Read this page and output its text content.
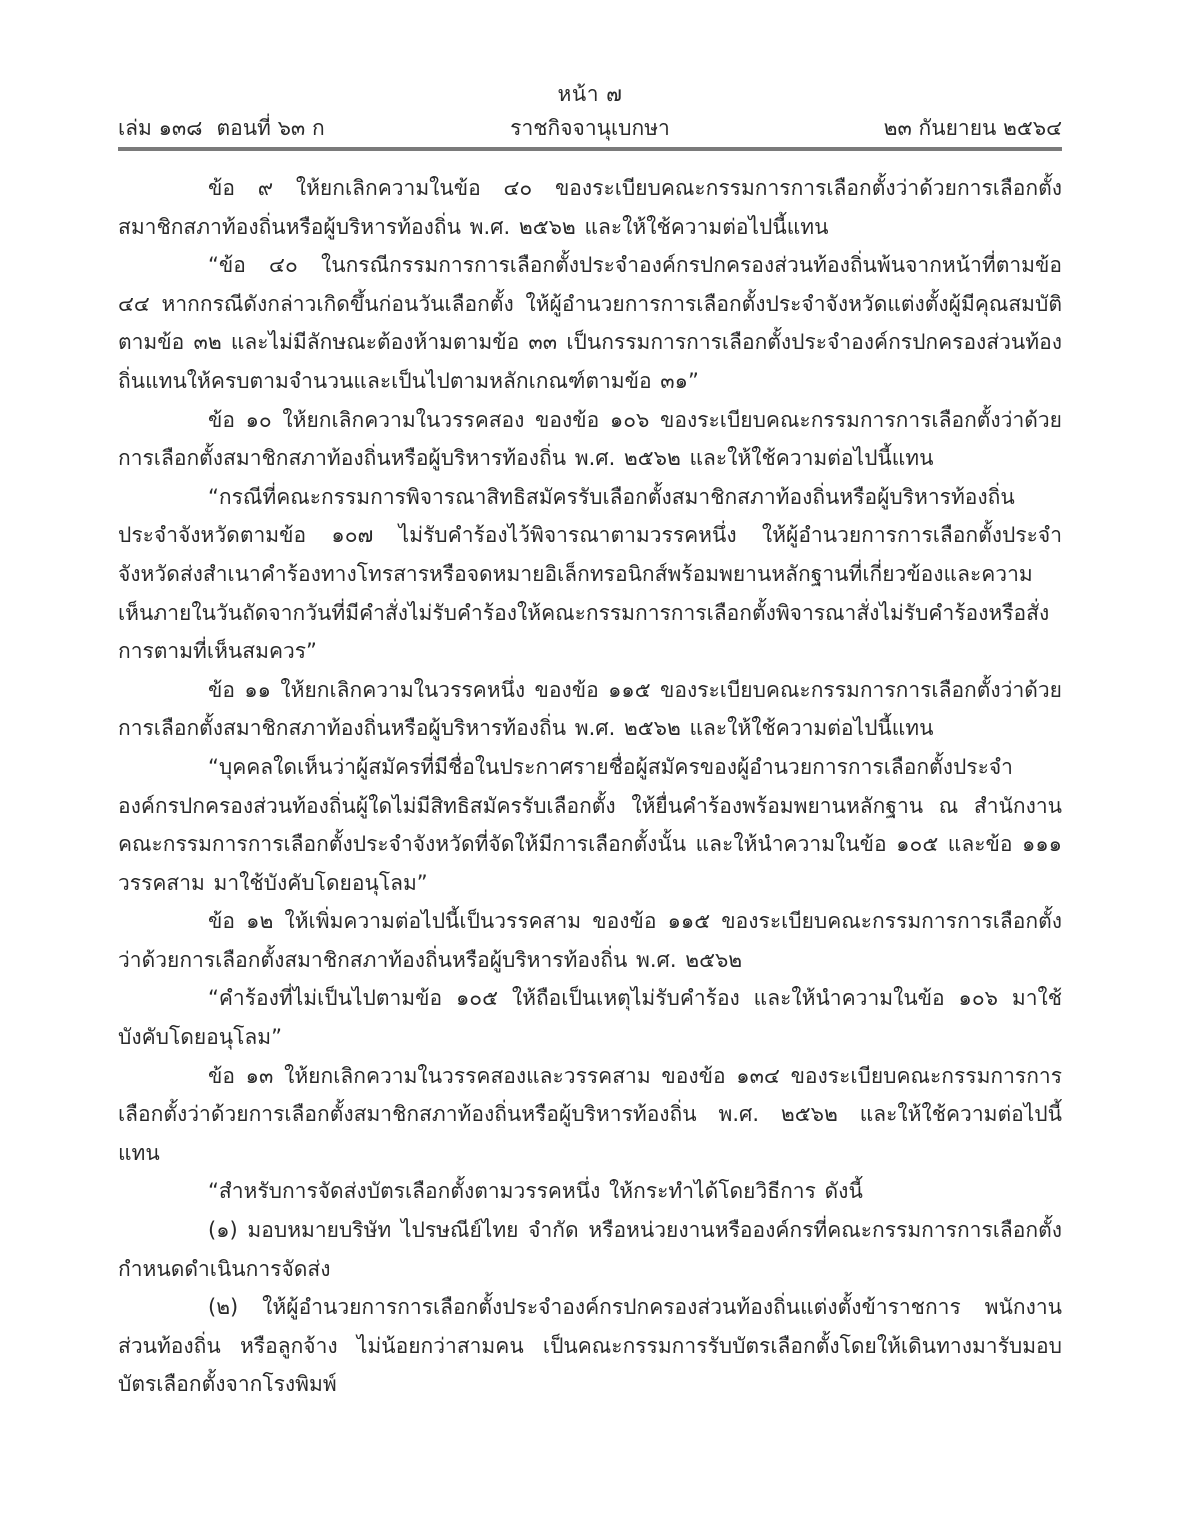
หน้า ๗
เล่ม ๑๓๘ ตอนที่ ๖๓ ก	ราชกิจจานุเบกษา	๒๓ กันยายน ๒๕๖๔

ข้อ ๙ ให้ยกเลิกความในข้อ ๔๐ ของระเบียบคณะกรรมการการเลือกตั้งว่าด้วยการเลือกตั้งสมาชิกสภาท้องถิ่นหรือผู้บริหารท้องถิ่น พ.ศ. ๒๕๖๒ และให้ใช้ความต่อไปนี้แทน

“ข้อ ๔๐ ในกรณีกรรมการการเลือกตั้งประจำองค์กรปกครองส่วนท้องถิ่นพ้นจากหน้าที่ตามข้อ ๔๔ หากกรณีดังกล่าวเกิดขึ้นก่อนวันเลือกตั้ง ให้ผู้อำนวยการการเลือกตั้งประจำจังหวัดแต่งตั้งผู้มีคุณสมบัติตามข้อ ๓๒ และไม่มีลักษณะต้องห้ามตามข้อ ๓๓ เป็นกรรมการการเลือกตั้งประจำองค์กรปกครองส่วนท้องถิ่นแทนให้ครบตามจำนวนและเป็นไปตามหลักเกณฑ์ตามข้อ ๓๑”

ข้อ ๑๐ ให้ยกเลิกความในวรรคสอง ของข้อ ๑๐๖ ของระเบียบคณะกรรมการการเลือกตั้งว่าด้วยการเลือกตั้งสมาชิกสภาท้องถิ่นหรือผู้บริหารท้องถิ่น พ.ศ. ๒๕๖๒ และให้ใช้ความต่อไปนี้แทน

“กรณีที่คณะกรรมการพิจารณาสิทธิสมัครรับเลือกตั้งสมาชิกสภาท้องถิ่นหรือผู้บริหารท้องถิ่นประจำจังหวัดตามข้อ ๑๐๗ ไม่รับคำร้องไว้พิจารณาตามวรรคหนึ่ง ให้ผู้อำนวยการการเลือกตั้งประจำจังหวัดส่งสำเนาคำร้องทางโทรสารหรือจดหมายอิเล็กทรอนิกส์พร้อมพยานหลักฐานที่เกี่ยวข้องและความเห็นภายในวันถัดจากวันที่มีคำสั่งไม่รับคำร้องให้คณะกรรมการการเลือกตั้งพิจารณาสั่งไม่รับคำร้องหรือสั่งการตามที่เห็นสมควร”

ข้อ ๑๑ ให้ยกเลิกความในวรรคหนึ่ง ของข้อ ๑๑๕ ของระเบียบคณะกรรมการการเลือกตั้งว่าด้วยการเลือกตั้งสมาชิกสภาท้องถิ่นหรือผู้บริหารท้องถิ่น พ.ศ. ๒๕๖๒ และให้ใช้ความต่อไปนี้แทน

“บุคคลใดเห็นว่าผู้สมัครที่มีชื่อในประกาศรายชื่อผู้สมัครของผู้อำนวยการการเลือกตั้งประจำองค์กรปกครองส่วนท้องถิ่นผู้ใดไม่มีสิทธิสมัครรับเลือกตั้ง ให้ยื่นคำร้องพร้อมพยานหลักฐาน ณ สำนักงานคณะกรรมการการเลือกตั้งประจำจังหวัดที่จัดให้มีการเลือกตั้งนั้น และให้นำความในข้อ ๑๐๕ และข้อ ๑๑๑ วรรคสาม มาใช้บังคับโดยอนุโลม”

ข้อ ๑๒ ให้เพิ่มความต่อไปนี้เป็นวรรคสาม ของข้อ ๑๑๕ ของระเบียบคณะกรรมการการเลือกตั้งว่าด้วยการเลือกตั้งสมาชิกสภาท้องถิ่นหรือผู้บริหารท้องถิ่น พ.ศ. ๒๕๖๒

“คำร้องที่ไม่เป็นไปตามข้อ ๑๐๕ ให้ถือเป็นเหตุไม่รับคำร้อง และให้นำความในข้อ ๑๐๖ มาใช้บังคับโดยอนุโลม”

ข้อ ๑๓ ให้ยกเลิกความในวรรคสองและวรรคสาม ของข้อ ๑๓๔ ของระเบียบคณะกรรมการการเลือกตั้งว่าด้วยการเลือกตั้งสมาชิกสภาท้องถิ่นหรือผู้บริหารท้องถิ่น พ.ศ. ๒๕๖๒ และให้ใช้ความต่อไปนี้แทน

“สำหรับการจัดส่งบัตรเลือกตั้งตามวรรคหนึ่ง ให้กระทำได้โดยวิธีการ ดังนี้

(๑) มอบหมายบริษัท ไปรษณีย์ไทย จำกัด หรือหน่วยงานหรือองค์กรที่คณะกรรมการการเลือกตั้งกำหนดดำเนินการจัดส่ง

(๒) ให้ผู้อำนวยการการเลือกตั้งประจำองค์กรปกครองส่วนท้องถิ่นแต่งตั้งข้าราชการ พนักงานส่วนท้องถิ่น หรือลูกจ้าง ไม่น้อยกว่าสามคน เป็นคณะกรรมการรับบัตรเลือกตั้งโดยให้เดินทางมารับมอบบัตรเลือกตั้งจากโรงพิมพ์
